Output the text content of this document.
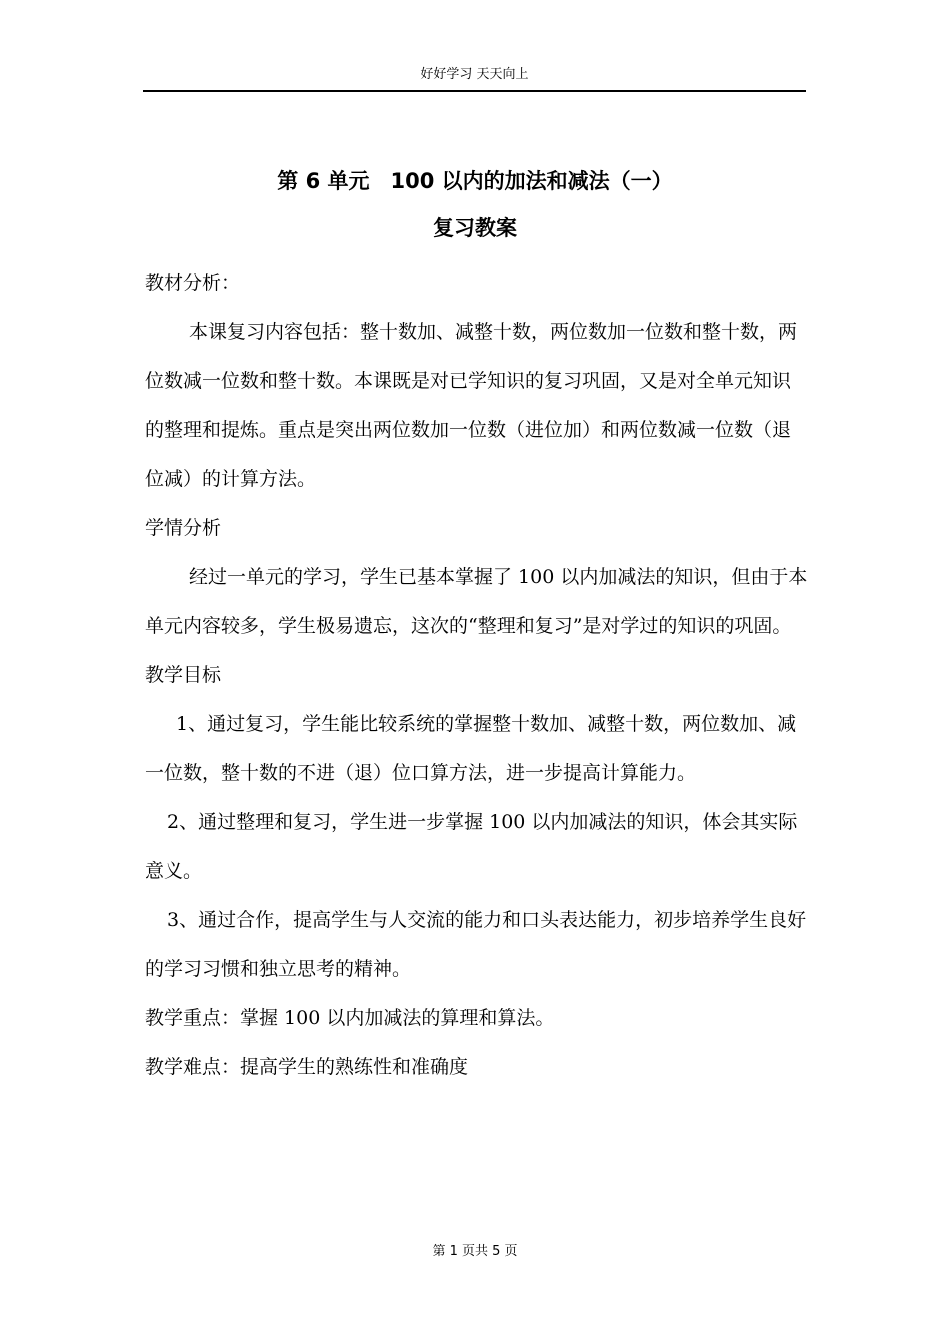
好好学习 天天向上
第 6 单元　100 以内的加法和减法（一）
复习教案

教材分析：

本课复习内容包括：整十数加、减整十数，两位数加一位数和整十数，两位数减一位数和整十数。本课既是对已学知识的复习巩固，又是对全单元知识的整理和提炼。重点是突出两位数加一位数（进位加）和两位数减一位数（退位减）的计算方法。

学情分析

经过一单元的学习，学生已基本掌握了 100 以内加减法的知识，但由于本单元内容较多，学生极易遗忘，这次的“整理和复习”是对学过的知识的巩固。

教学目标

1、通过复习，学生能比较系统的掌握整十数加、减整十数，两位数加、减一位数，整十数的不进（退）位口算方法，进一步提高计算能力。

2、通过整理和复习，学生进一步掌握 100 以内加减法的知识，体会其实际意义。

3、通过合作，提高学生与人交流的能力和口头表达能力，初步培养学生良好的学习习惯和独立思考的精神。

教学重点：掌握 100 以内加减法的算理和算法。

教学难点：提高学生的熟练性和准确度

第 1 页共 5 页
